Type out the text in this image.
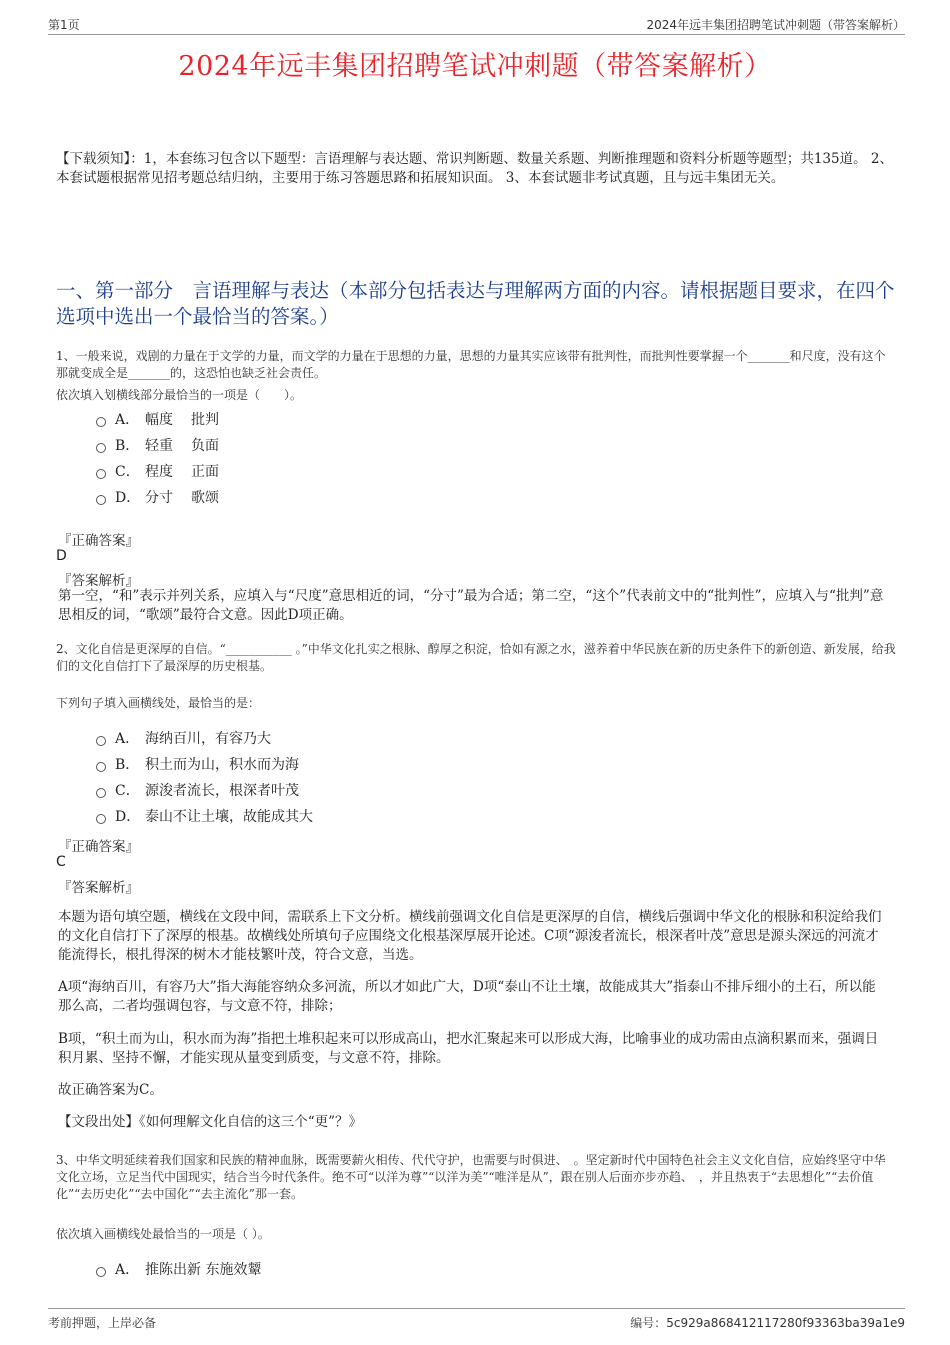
第1页	2024年远丰集团招聘笔试冲刺题（带答案解析）
2024年远丰集团招聘笔试冲刺题（带答案解析）
【下载须知】：1，本套练习包含以下题型：言语理解与表达题、常识判断题、数量关系题、判断推理题和资料分析题等题型；共135道。 2、本套试题根据常见招考题总结归纳，主要用于练习答题思路和拓展知识面。 3、本套试题非考试真题，且与远丰集团无关。
一、第一部分　言语理解与表达（本部分包括表达与理解两方面的内容。请根据题目要求，在四个选项中选出一个最恰当的答案。）
1、一般来说，戏剧的力量在于文学的力量，而文学的力量在于思想的力量，思想的力量其实应该带有批判性，而批判性要掌握一个_______和尺度，没有这个那就变成全是_______的，这恐怕也缺乏社会责任。
依次填入划横线部分最恰当的一项是（　　）。
A． 幅度	批判
B． 轻重	负面
C． 程度	正面
D． 分寸	歌颂
『正确答案』
D
『答案解析』
第一空，“和”表示并列关系，应填入与“尺度”意思相近的词，“分寸”最为合适；第二空，“这个”代表前文中的“批判性”，应填入与“批判”意思相反的词，“歌颂”最符合文意。因此D项正确。
2、文化自信是更深厚的自信。“___________ 。”中华文化扎实之根脉、醇厚之积淀，恰如有源之水，滋养着中华民族在新的历史条件下的新创造、新发展，给我们的文化自信打下了最深厚的历史根基。
下列句子填入画横线处，最恰当的是：
A． 海纳百川，有容乃大
B． 积土而为山，积水而为海
C． 源浚者流长，根深者叶茂
D． 泰山不让土壤，故能成其大
『正确答案』
C
『答案解析』
本题为语句填空题，横线在文段中间，需联系上下文分析。横线前强调文化自信是更深厚的自信，横线后强调中华文化的根脉和积淀给我们的文化自信打下了深厚的根基。故横线处所填句子应围绕文化根基深厚展开论述。C项“源浚者流长，根深者叶茂”意思是源头深远的河流才能流得长，根扎得深的树木才能枝繁叶茂，符合文意，当选。
A项“海纳百川，有容乃大”指大海能容纳众多河流，所以才如此广大，D项“泰山不让土壤，故能成其大”指泰山不排斥细小的土石，所以能那么高，二者均强调包容，与文意不符，排除；
B项，“积土而为山，积水而为海”指把土堆积起来可以形成高山，把水汇聚起来可以形成大海，比喻事业的成功需由点滴积累而来，强调日积月累、坚持不懈，才能实现从量变到质变，与文意不符，排除。
故正确答案为C。
【文段出处】《如何理解文化自信的这三个“更”？》
3、中华文明延续着我们国家和民族的精神血脉，既需要薪火相传、代代守护，也需要与时俱进、　。坚定新时代中国特色社会主义文化自信，应始终坚守中华文化立场，立足当代中国现实，结合当今时代条件。绝不可“以洋为尊”“以洋为美”“唯洋是从”，跟在别人后面亦步亦趋、　，并且热衷于“去思想化”“去价值化”“去历史化”“去中国化”“去主流化”那一套。
依次填入画横线处最恰当的一项是（ ）。
A． 推陈出新 东施效颦
考前押题，上岸必备	编号：5c929a868412117280f93363ba39a1e9
